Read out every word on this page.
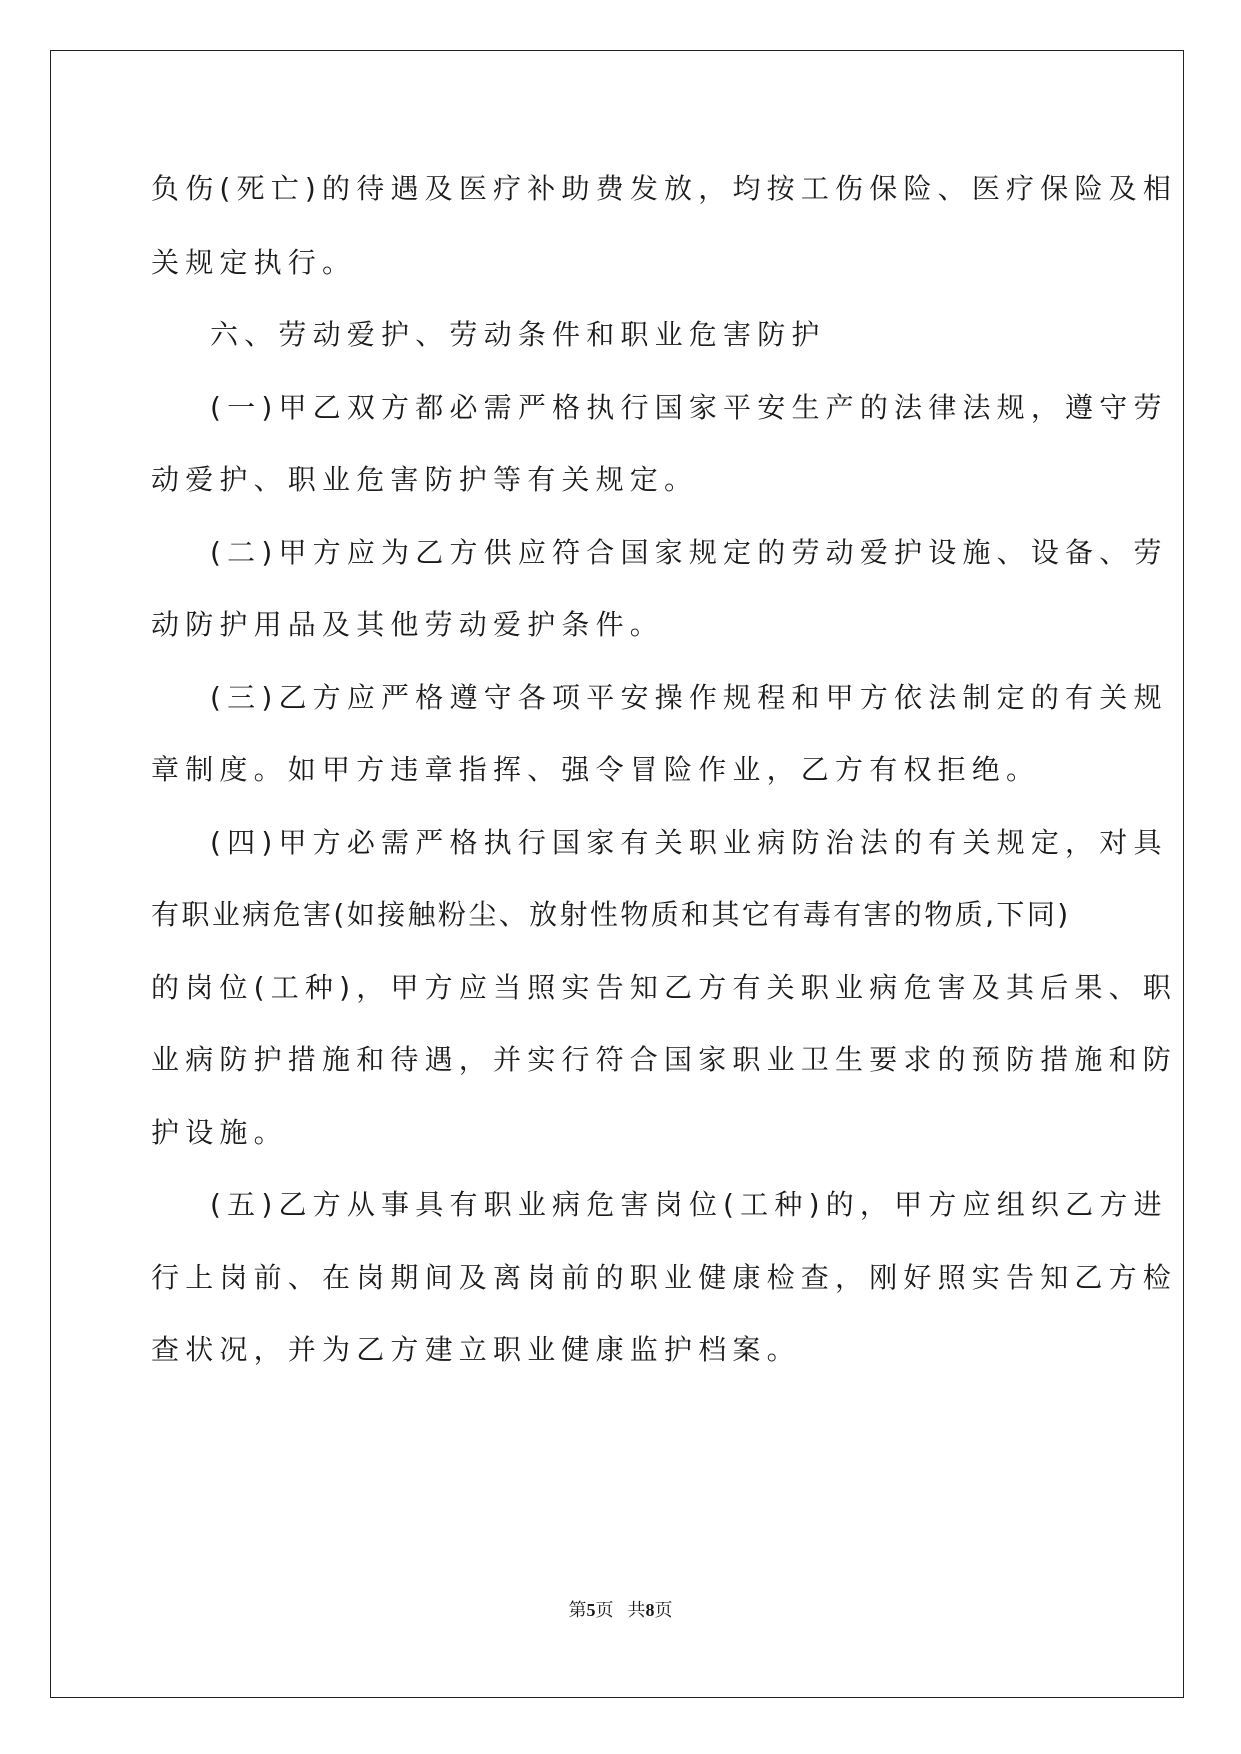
负伤(死亡)的待遇及医疗补助费发放，均按工伤保险、医疗保险及相
关规定执行。
六、劳动爱护、劳动条件和职业危害防护
(一)甲乙双方都必需严格执行国家平安生产的法律法规，遵守劳
动爱护、职业危害防护等有关规定。
(二)甲方应为乙方供应符合国家规定的劳动爱护设施、设备、劳
动防护用品及其他劳动爱护条件。
(三)乙方应严格遵守各项平安操作规程和甲方依法制定的有关规
章制度。如甲方违章指挥、强令冒险作业，乙方有权拒绝。
(四)甲方必需严格执行国家有关职业病防治法的有关规定，对具
有职业病危害(如接触粉尘、放射性物质和其它有毒有害的物质,下同)
的岗位(工种)，甲方应当照实告知乙方有关职业病危害及其后果、职
业病防护措施和待遇，并实行符合国家职业卫生要求的预防措施和防
护设施。
(五)乙方从事具有职业病危害岗位(工种)的，甲方应组织乙方进
行上岗前、在岗期间及离岗前的职业健康检查，刚好照实告知乙方检
查状况，并为乙方建立职业健康监护档案。
第5页 共8页
